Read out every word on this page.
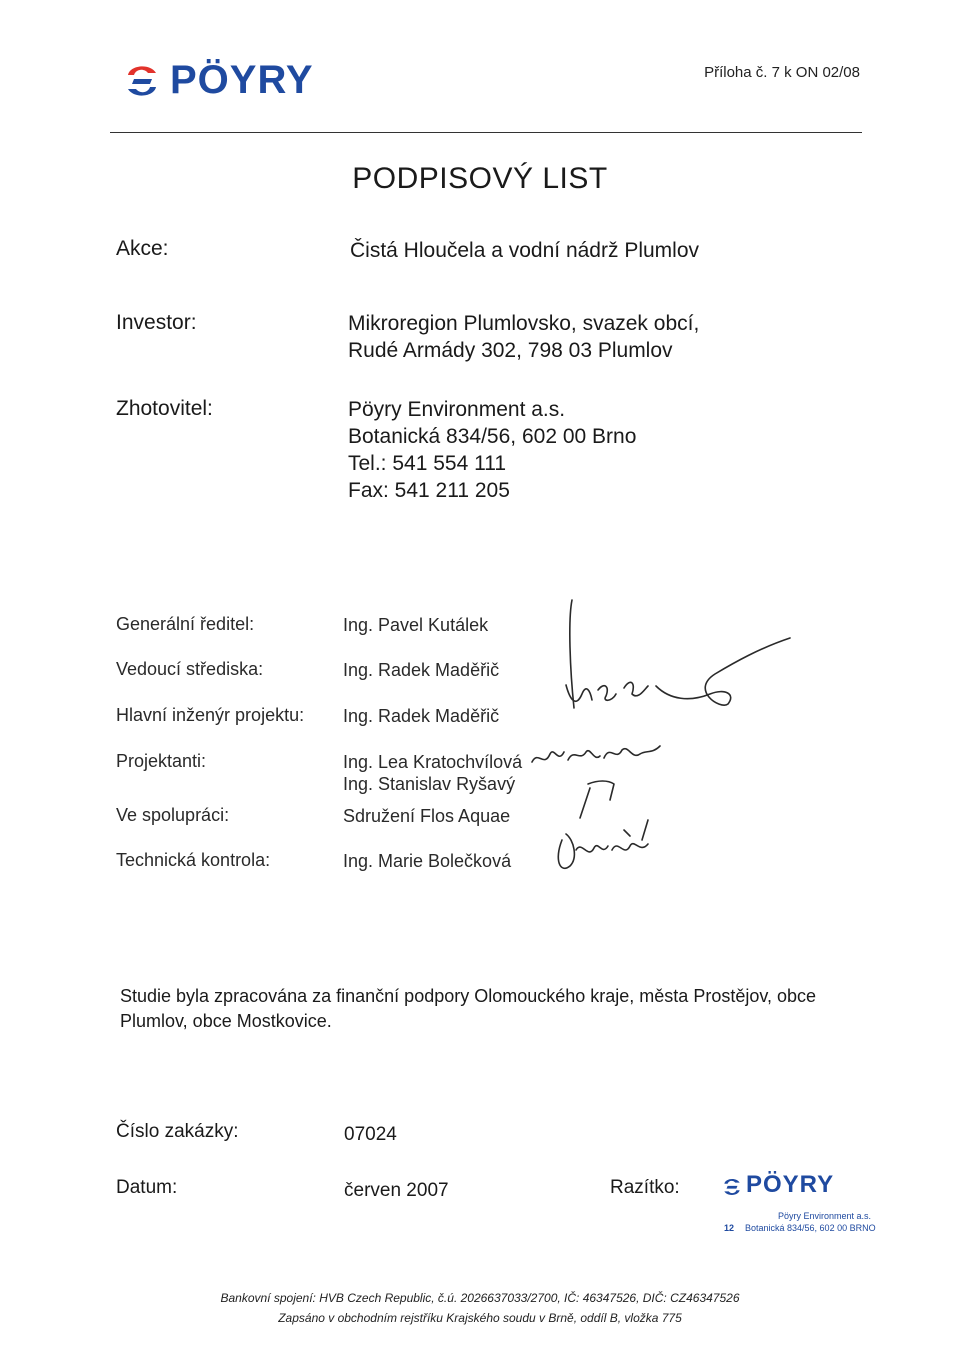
PÖYRY	Příloha č. 7 k ON 02/08
PODPISOVÝ LIST
Akce:	Čistá Hloučela a vodní nádrž Plumlov
Investor:	Mikroregion Plumlovsko, svazek obcí,
Rudé Armády 302, 798 03 Plumlov
Zhotovitel:	Pöyry Environment a.s.
Botanická 834/56, 602 00 Brno
Tel.: 541 554 111
Fax: 541 211 205
Generální ředitel:	Ing. Pavel Kutálek
Vedoucí střediska:	Ing. Radek Maděřič
Hlavní inženýr projektu: Ing. Radek Maděřič
Projektanti:	Ing. Lea Kratochvílová
Ing. Stanislav Ryšavý
Ve spolupráci:	Sdružení Flos Aquae
Technická kontrola:	Ing. Marie Bolečková
Studie byla zpracována za finanční podpory Olomouckého kraje, města Prostějov, obce Plumlov, obce Mostkovice.
Číslo zakázky:	07024
Datum:	červen 2007	Razítko:	PÖYRY
Pöyry Environment a.s.
12 Botanická 834/56, 602 00 BRNO
Bankovní spojení: HVB Czech Republic, č.ú. 2026637033/2700, IČ: 46347526, DIČ: CZ46347526
Zapsáno v obchodním rejstříku Krajského soudu v Brně, oddíl B, vložka 775
